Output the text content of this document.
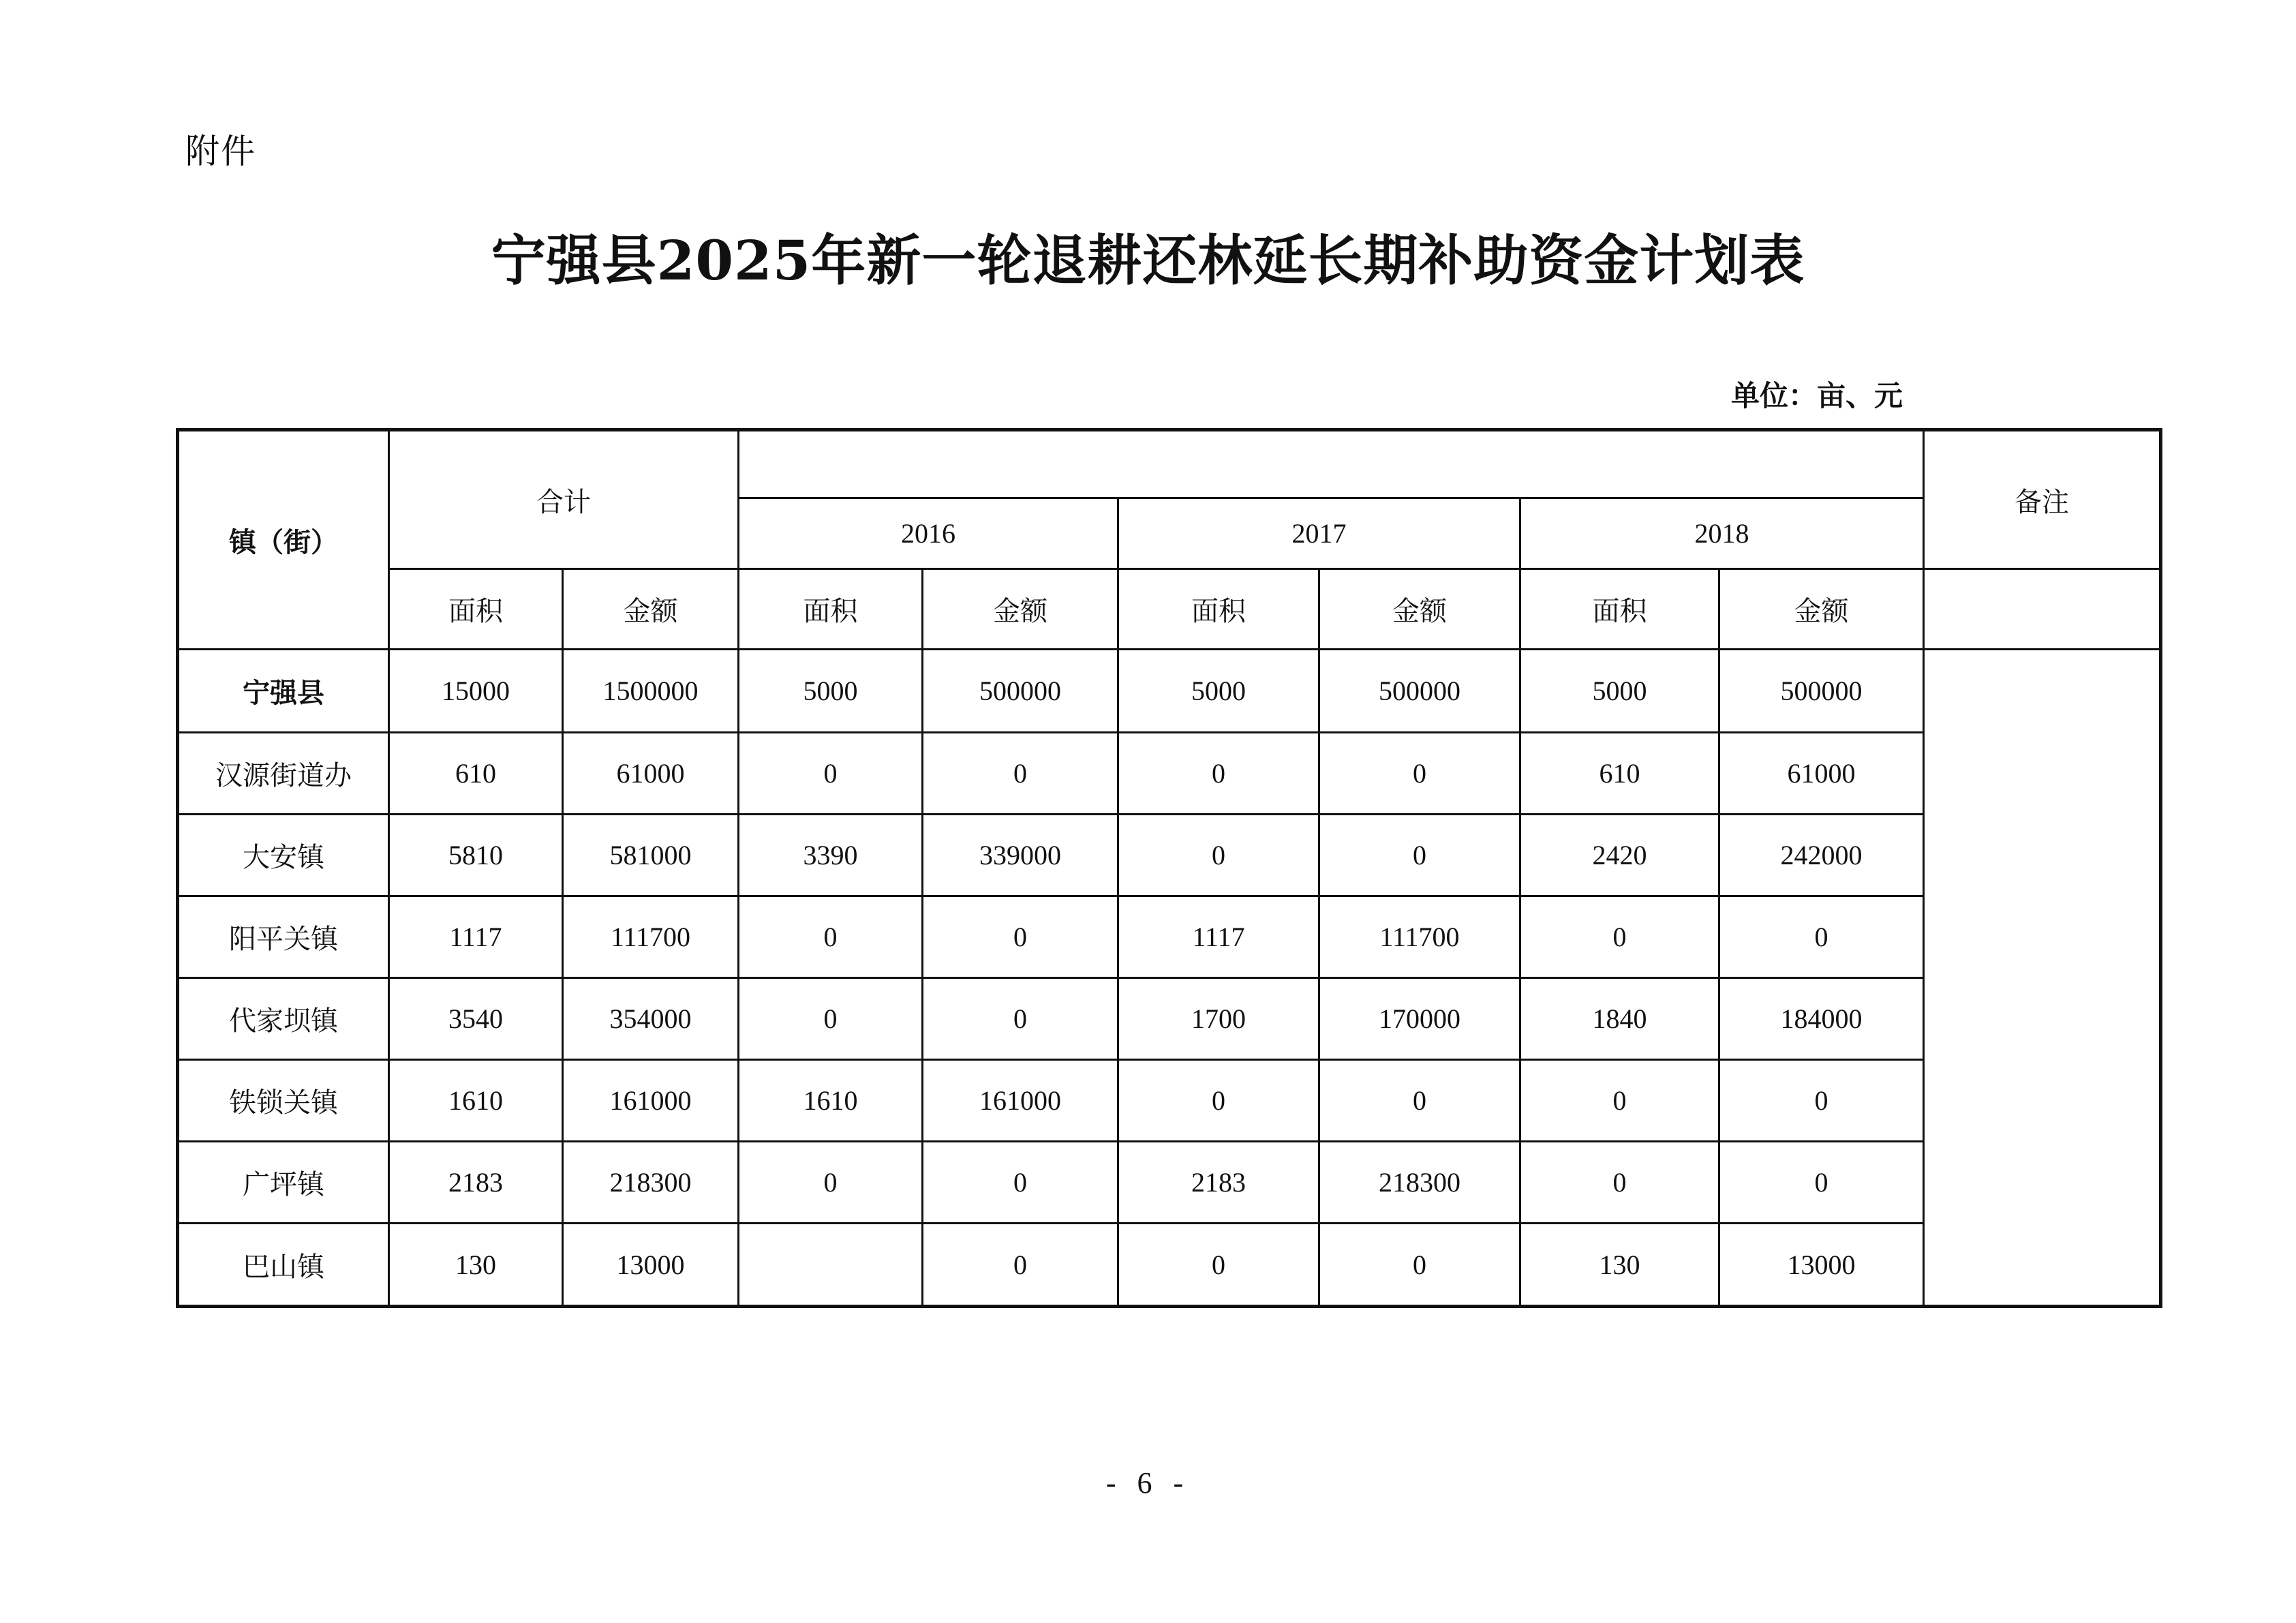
附件
宁强县2025年新一轮退耕还林延长期补助资金计划表
单位：亩、元
镇（街）	合计								备注
			2016		2017		2018		
	面积	金额	面积	金额	面积	金额	面积	金额	
宁强县	15000	1500000	5000	500000	5000	500000	5000	500000	
汉源街道办	610	61000	0	0	0	0	610	61000	
大安镇	5810	581000	3390	339000	0	0	2420	242000	
阳平关镇	1117	111700	0	0	1117	111700	0	0	
代家坝镇	3540	354000	0	0	1700	170000	1840	184000	
铁锁关镇	1610	161000	1610	161000	0	0	0	0	
广坪镇	2183	218300	0	0	2183	218300	0	0	
巴山镇	130	13000		0	0	0	130	13000	
- 6 -
